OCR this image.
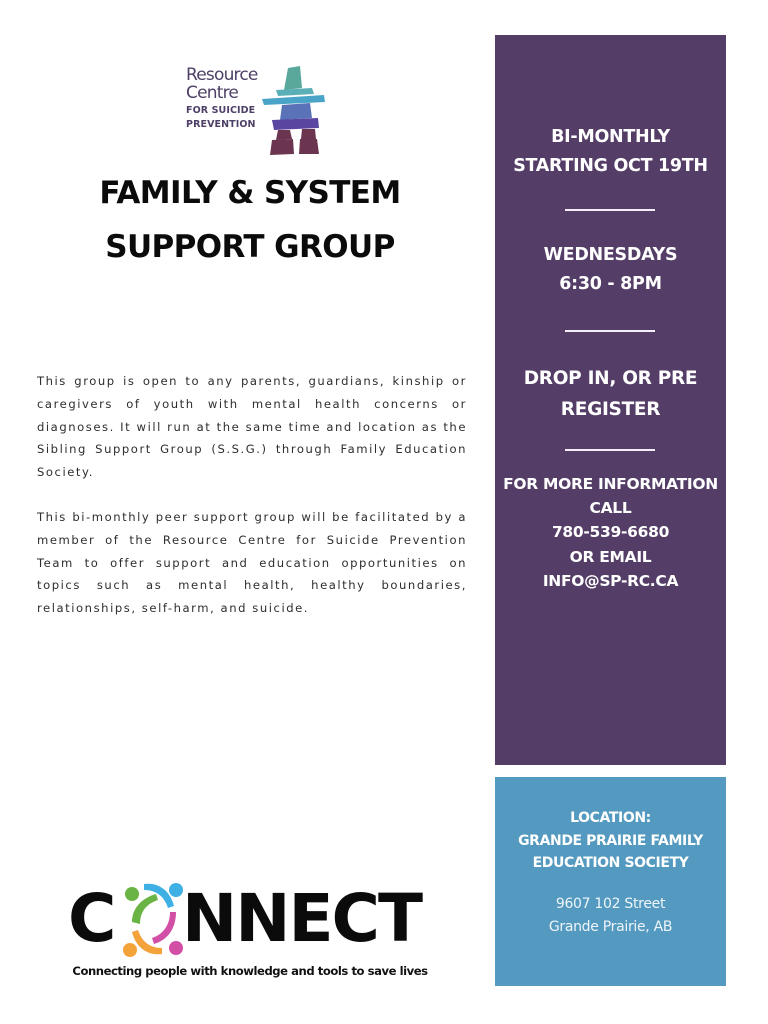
Resource
Centre
FOR SUICIDE
PREVENTION
FAMILY & SYSTEM
SUPPORT GROUP

This group is open to any parents, guardians, kinship or caregivers of youth with mental health concerns or diagnoses. It will run at the same time and location as the Sibling Support Group (S.S.G.) through Family Education Society.

This bi-monthly peer support group will be facilitated by a member of the Resource Centre for Suicide Prevention Team to offer support and education opportunities on topics such as mental health, healthy boundaries, relationships, self-harm, and suicide.

BI-MONTHLY
STARTING OCT 19TH
WEDNESDAYS
6:30 - 8PM
DROP IN, OR PRE
REGISTER
FOR MORE INFORMATION
CALL
780-539-6680
OR EMAIL
INFO@SP-RC.CA
LOCATION:
GRANDE PRAIRIE FAMILY
EDUCATION SOCIETY
9607 102 Street
Grande Prairie, AB
C NNECT
Connecting people with knowledge and tools to save lives
